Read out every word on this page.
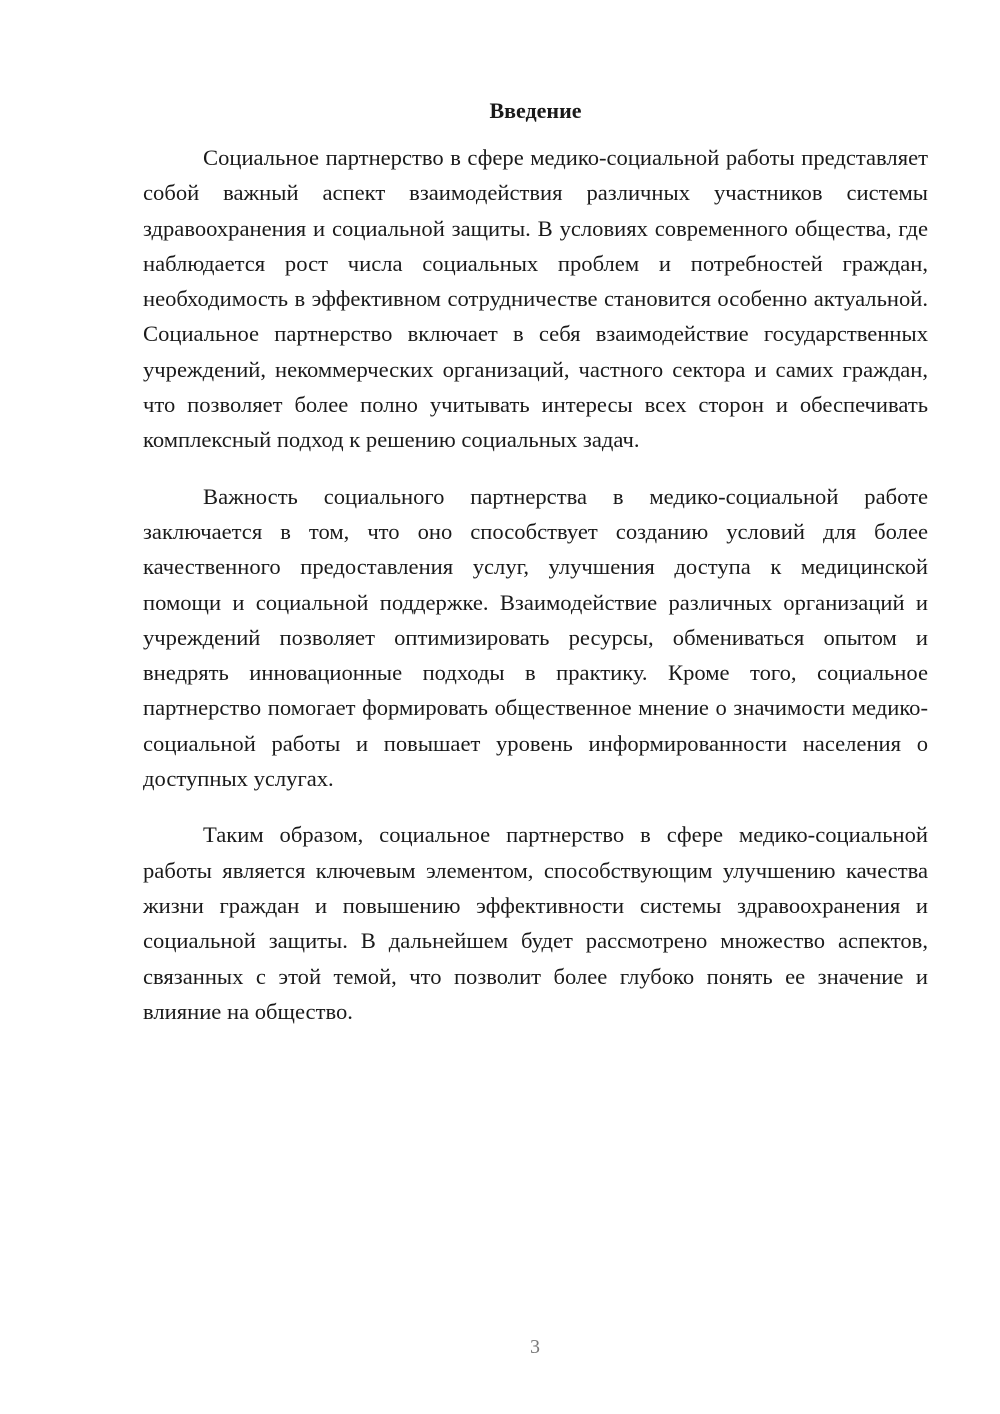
Введение

Социальное партнерство в сфере медико-социальной работы представляет собой важный аспект взаимодействия различных участников системы здравоохранения и социальной защиты. В условиях современного общества, где наблюдается рост числа социальных проблем и потребностей граждан, необходимость в эффективном сотрудничестве становится особенно актуальной. Социальное партнерство включает в себя взаимодействие государственных учреждений, некоммерческих организаций, частного сектора и самих граждан, что позволяет более полно учитывать интересы всех сторон и обеспечивать комплексный подход к решению социальных задач.

Важность социального партнерства в медико-социальной работе заключается в том, что оно способствует созданию условий для более качественного предоставления услуг, улучшения доступа к медицинской помощи и социальной поддержке. Взаимодействие различных организаций и учреждений позволяет оптимизировать ресурсы, обмениваться опытом и внедрять инновационные подходы в практику. Кроме того, социальное партнерство помогает формировать общественное мнение о значимости медико-социальной работы и повышает уровень информированности населения о доступных услугах.

Таким образом, социальное партнерство в сфере медико-социальной работы является ключевым элементом, способствующим улучшению качества жизни граждан и повышению эффективности системы здравоохранения и социальной защиты. В дальнейшем будет рассмотрено множество аспектов, связанных с этой темой, что позволит более глубоко понять ее значение и влияние на общество.

3
